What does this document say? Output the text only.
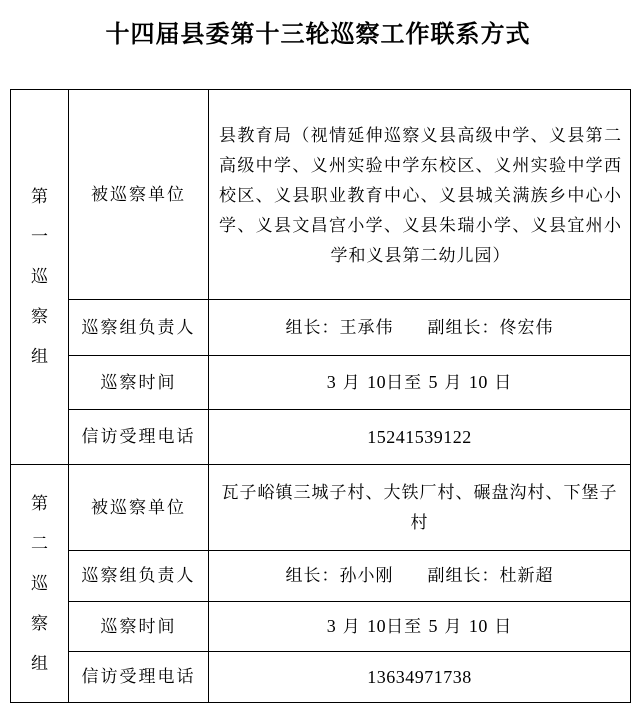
十四届县委第十三轮巡察工作联系方式
第
一
巡
察
组	被巡察单位	县教育局（视情延伸巡察义县高级中学、义县第二高级中学、义州实验中学东校区、义州实验中学西校区、义县职业教育中心、义县城关满族乡中心小学、义县文昌宫小学、义县朱瑞小学、义县宜州小学和义县第二幼儿园）
	巡察组负责人	组长：王承伟 副组长：佟宏伟
	巡察时间	3 月 10日至 5 月 10 日
	信访受理电话	15241539122

第
二
巡
察
组	被巡察单位	瓦子峪镇三城子村、大铁厂村、碾盘沟村、下堡子村
	巡察组负责人	组长：孙小刚 副组长：杜新超
	巡察时间	3 月 10日至 5 月 10 日
	信访受理电话	13634971738
